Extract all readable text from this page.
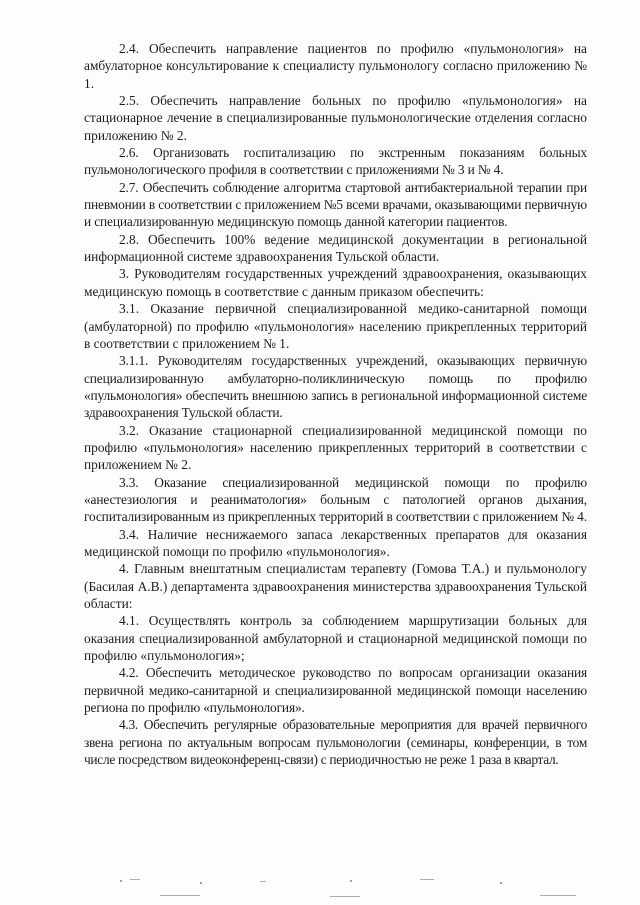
2.4. Обеспечить направление пациентов по профилю «пульмонология» на амбулаторное консультирование к специалисту пульмонологу согласно приложению № 1.

2.5. Обеспечить направление больных по профилю «пульмонология» на стационарное лечение в специализированные пульмонологические отделения согласно приложению № 2.

2.6. Организовать госпитализацию по экстренным показаниям больных пульмонологического профиля в соответствии с приложениями № 3 и № 4.

2.7. Обеспечить соблюдение алгоритма стартовой антибактериальной терапии при пневмонии в соответствии с приложением №5 всеми врачами, оказывающими первичную и специализированную медицинскую помощь данной категории пациентов.

2.8. Обеспечить 100% ведение медицинской документации в региональной информационной системе здравоохранения Тульской области.

3. Руководителям государственных учреждений здравоохранения, оказывающих медицинскую помощь в соответствие с данным приказом обеспечить:

3.1. Оказание первичной специализированной медико-санитарной помощи (амбулаторной) по профилю «пульмонология» населению прикрепленных территорий в соответствии с приложением № 1.

3.1.1. Руководителям государственных учреждений, оказывающих первичную специализированную амбулаторно-поликлиническую помощь по профилю «пульмонология» обеспечить внешнюю запись в региональной информационной системе здравоохранения Тульской области.

3.2. Оказание стационарной специализированной медицинской помощи по профилю «пульмонология» населению прикрепленных территорий в соответствии с приложением № 2.

3.3. Оказание специализированной медицинской помощи по профилю «анестезиология и реаниматология» больным с патологией органов дыхания, госпитализированным из прикрепленных территорий в соответствии с приложением № 4.

3.4. Наличие неснижаемого запаса лекарственных препаратов для оказания медицинской помощи по профилю «пульмонология».

4. Главным внештатным специалистам терапевту (Гомова Т.А.) и пульмонологу (Басилая А.В.) департамента здравоохранения министерства здравоохранения Тульской области:

4.1. Осуществлять контроль за соблюдением маршрутизации больных для оказания специализированной амбулаторной и стационарной медицинской помощи по профилю «пульмонология»;

4.2. Обеспечить методическое руководство по вопросам организации оказания первичной медико-санитарной и специализированной медицинской помощи населению региона по профилю «пульмонология».

4.3. Обеспечить регулярные образовательные мероприятия для врачей первичного звена региона по актуальным вопросам пульмонологии (семинары, конференции, в том числе посредством видеоконференц-связи) с периодичностью не реже 1 раза в квартал.
